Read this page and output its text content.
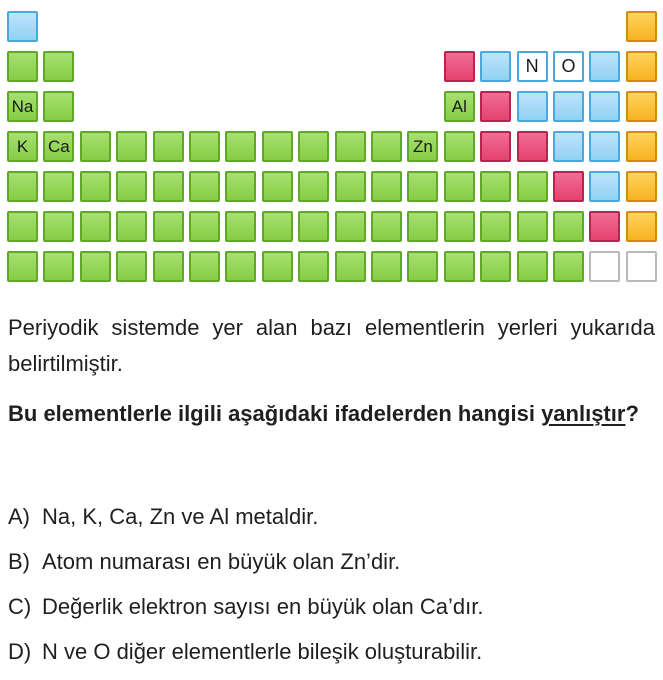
N O
Na	Al
K Ca	Zn

Periyodik sistemde yer alan bazı elementlerin yerleri yukarıda belirtilmiştir.

Bu elementlerle ilgili aşağıdaki ifadelerden hangisi yanlıştır?

A) Na, K, Ca, Zn ve Al metaldir.
B) Atom numarası en büyük olan Zn’dir.
C) Değerlik elektron sayısı en büyük olan Ca’dır.
D) N ve O diğer elementlerle bileşik oluşturabilir.
